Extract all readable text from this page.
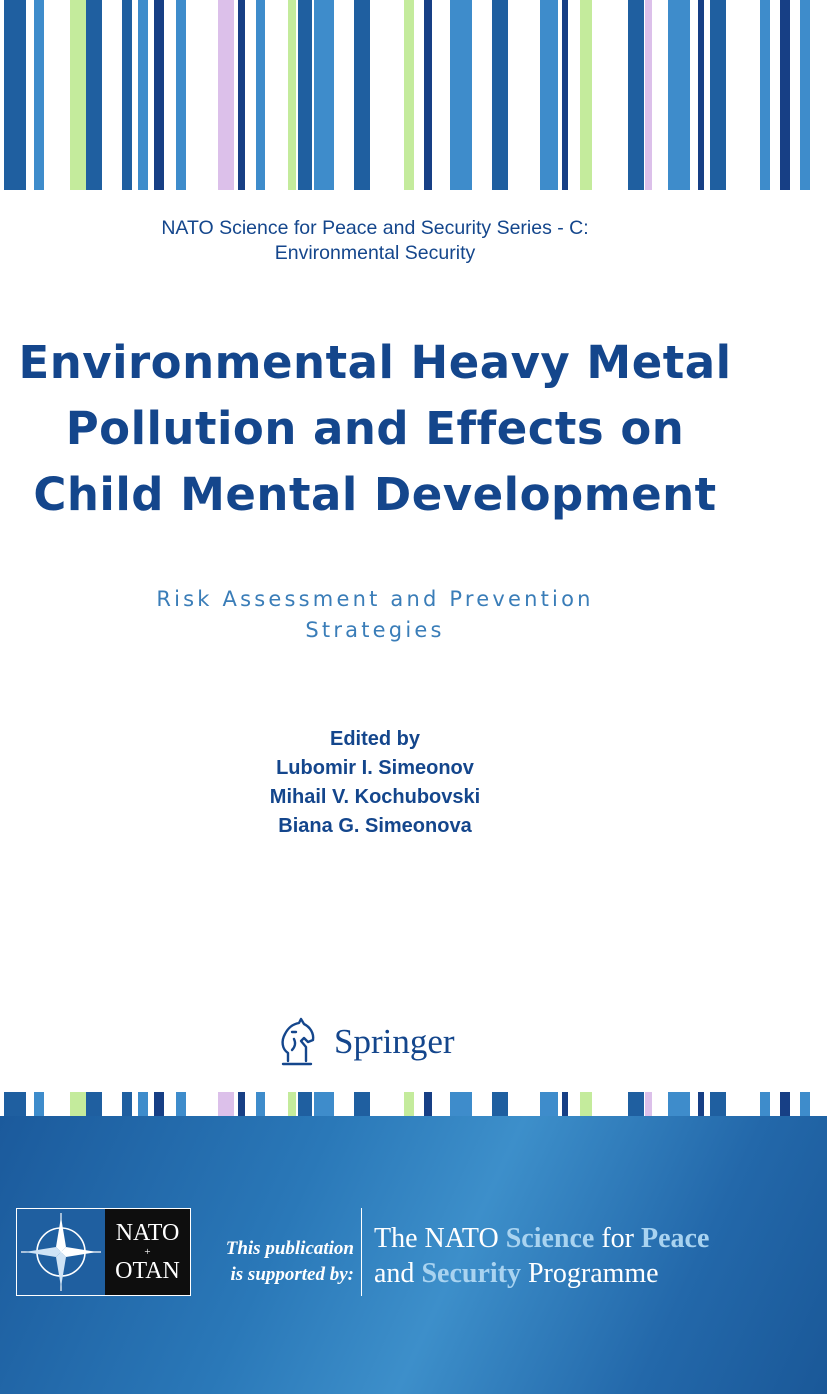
NATO Science for Peace and Security Series - C:
Environmental Security
Environmental Heavy Metal
Pollution and Effects on
Child Mental Development
Risk Assessment and Prevention
Strategies
Edited by
Lubomir I. Simeonov
Mihail V. Kochubovski
Biana G. Simeonova
Springer
NATO
+
OTAN
This publication
is supported by:
The NATO Science for Peace
and Security Programme
